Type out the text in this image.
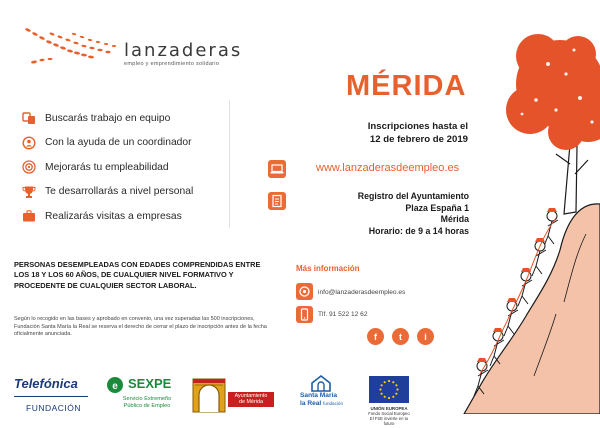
lanzaderas
empleo y emprendimiento solidario
Buscarás trabajo en equipo
Con la ayuda de un coordinador
Mejorarás tu empleabilidad
Te desarrollarás a nivel personal
Realizarás visitas a empresas
PERSONAS DESEMPLEADAS CON EDADES COMPRENDIDAS ENTRE LOS 18 Y LOS 60 AÑOS, DE CUALQUIER NIVEL FORMATIVO Y PROCEDENTE DE CUALQUIER SECTOR LABORAL.
Según lo recogido en las bases y aprobado en convenio, una vez superadas las 500 inscripciones, Fundación Santa María la Real se reserva el derecho de cerrar el plazo de inscripción antes de la fecha oficialmente anunciada.
MÉRIDA
Inscripciones hasta el
12 de febrero de 2019
www.lanzaderasdeempleo.es
Registro del Ayuntamiento
Plaza España 1
Mérida
Horario: de 9 a 14 horas
Más información
info@lanzaderasdeempleo.es
Tlf. 91 522 12 62
f	t	i
Telefónica
FUNDACIÓN
e SEXPE
Servicio Extremeño
Público de Empleo
Ayuntamiento
de Mérida
Santa María
la Real fundación
UNIÓN EUROPEA
Fondo Social Europeo
El FSE invierte en tu futuro
